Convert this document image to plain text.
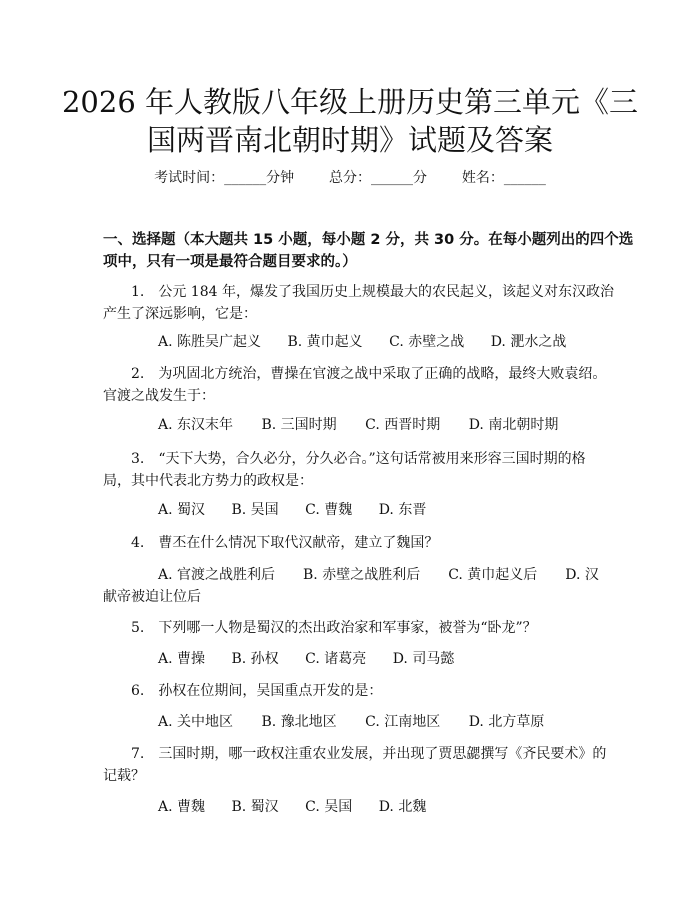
2026 年人教版八年级上册历史第三单元《三
国两晋南北朝时期》试题及答案
考试时间：______分钟 总分：______分 姓名：______
一、选择题（本大题共 15 小题，每小题 2 分，共 30 分。在每小题列出的四个选
项中，只有一项是最符合题目要求的。）
1.　公元 184 年，爆发了我国历史上规模最大的农民起义，该起义对东汉政治
产生了深远影响，它是：
A. 陈胜吴广起义 B. 黄巾起义 C. 赤壁之战 D. 淝水之战
2.　为巩固北方统治，曹操在官渡之战中采取了正确的战略，最终大败袁绍。
官渡之战发生于：
A. 东汉末年 B. 三国时期 C. 西晋时期 D. 南北朝时期
3.　“天下大势，合久必分，分久必合。”这句话常被用来形容三国时期的格
局，其中代表北方势力的政权是：
A. 蜀汉 B. 吴国 C. 曹魏 D. 东晋
4.　曹丕在什么情况下取代汉献帝，建立了魏国？
A. 官渡之战胜利后　　B. 赤壁之战胜利后　　C. 黄巾起义后　　D. 汉
献帝被迫让位后
5.　下列哪一人物是蜀汉的杰出政治家和军事家，被誉为“卧龙”？
A. 曹操 B. 孙权 C. 诸葛亮 D. 司马懿
6.　孙权在位期间，吴国重点开发的是：
A. 关中地区 B. 豫北地区 C. 江南地区 D. 北方草原
7.　三国时期，哪一政权注重农业发展，并出现了贾思勰撰写《齐民要术》的
记载？
A. 曹魏 B. 蜀汉 C. 吴国 D. 北魏
